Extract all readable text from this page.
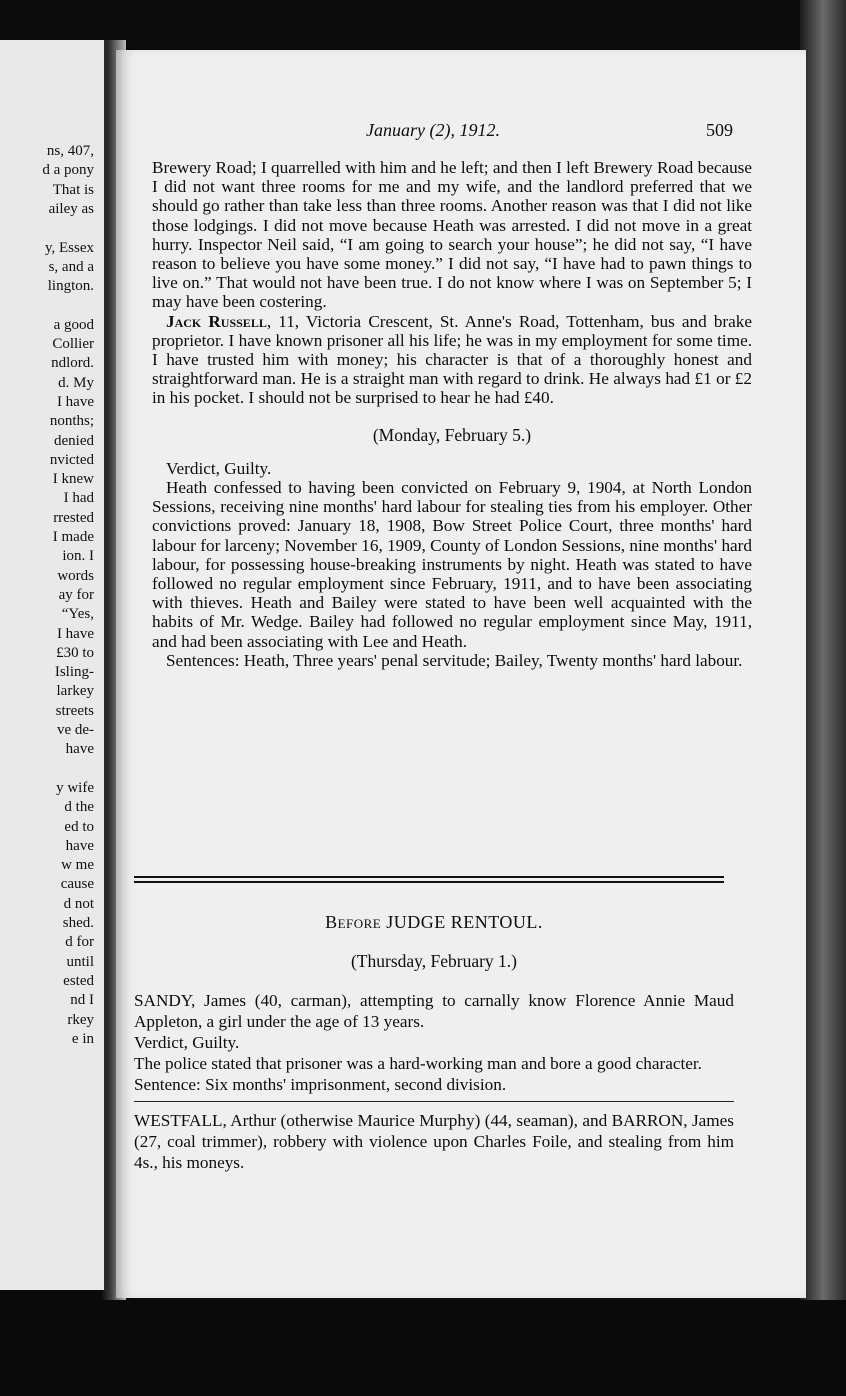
ns, 407,
d a pony
That is
ailey as
y, Essex
s, and a
lington.
a good
Collier
ndlord.
d. My
I have
nonths;
denied
nvicted
I knew
I had
rrested
I made
ion. I
words
ay for
“Yes,
I have
£30 to
Isling-
larkey
streets
ve de-
have
y wife
d the
ed to
have
w me
cause
d not
shed.
d for
until
ested
nd I
rkey
e in
January (2), 1912.	509

Brewery Road; I quarrelled with him and he left; and then I left Brewery Road because I did not want three rooms for me and my wife, and the landlord preferred that we should go rather than take less than three rooms. Another reason was that I did not like those lodgings. I did not move because Heath was arrested. I did not move in a great hurry. Inspector Neil said, “I am going to search your house”; he did not say, “I have reason to believe you have some money.” I did not say, “I have had to pawn things to live on.” That would not have been true. I do not know where I was on September 5; I may have been costering.

Jack Russell, 11, Victoria Crescent, St. Anne's Road, Tottenham, bus and brake proprietor. I have known prisoner all his life; he was in my employment for some time. I have trusted him with money; his character is that of a thoroughly honest and straightforward man. He is a straight man with regard to drink. He always had £1 or £2 in his pocket. I should not be surprised to hear he had £40.

(Monday, February 5.)

Verdict, Guilty.

Heath confessed to having been convicted on February 9, 1904, at North London Sessions, receiving nine months' hard labour for stealing ties from his employer. Other convictions proved: January 18, 1908, Bow Street Police Court, three months' hard labour for larceny; November 16, 1909, County of London Sessions, nine months' hard labour, for possessing house-breaking instruments by night. Heath was stated to have followed no regular employment since February, 1911, and to have been associating with thieves. Heath and Bailey were stated to have been well acquainted with the habits of Mr. Wedge. Bailey had followed no regular employment since May, 1911, and had been associating with Lee and Heath.

Sentences: Heath, Three years' penal servitude; Bailey, Twenty months' hard labour.

Before JUDGE RENTOUL.

(Thursday, February 1.)

SANDY, James (40, carman), attempting to carnally know Florence Annie Maud Appleton, a girl under the age of 13 years.

Verdict, Guilty.

The police stated that prisoner was a hard-working man and bore a good character.

Sentence: Six months' imprisonment, second division.

WESTFALL, Arthur (otherwise Maurice Murphy) (44, seaman), and BARRON, James (27, coal trimmer), robbery with violence upon Charles Foile, and stealing from him 4s., his moneys.
